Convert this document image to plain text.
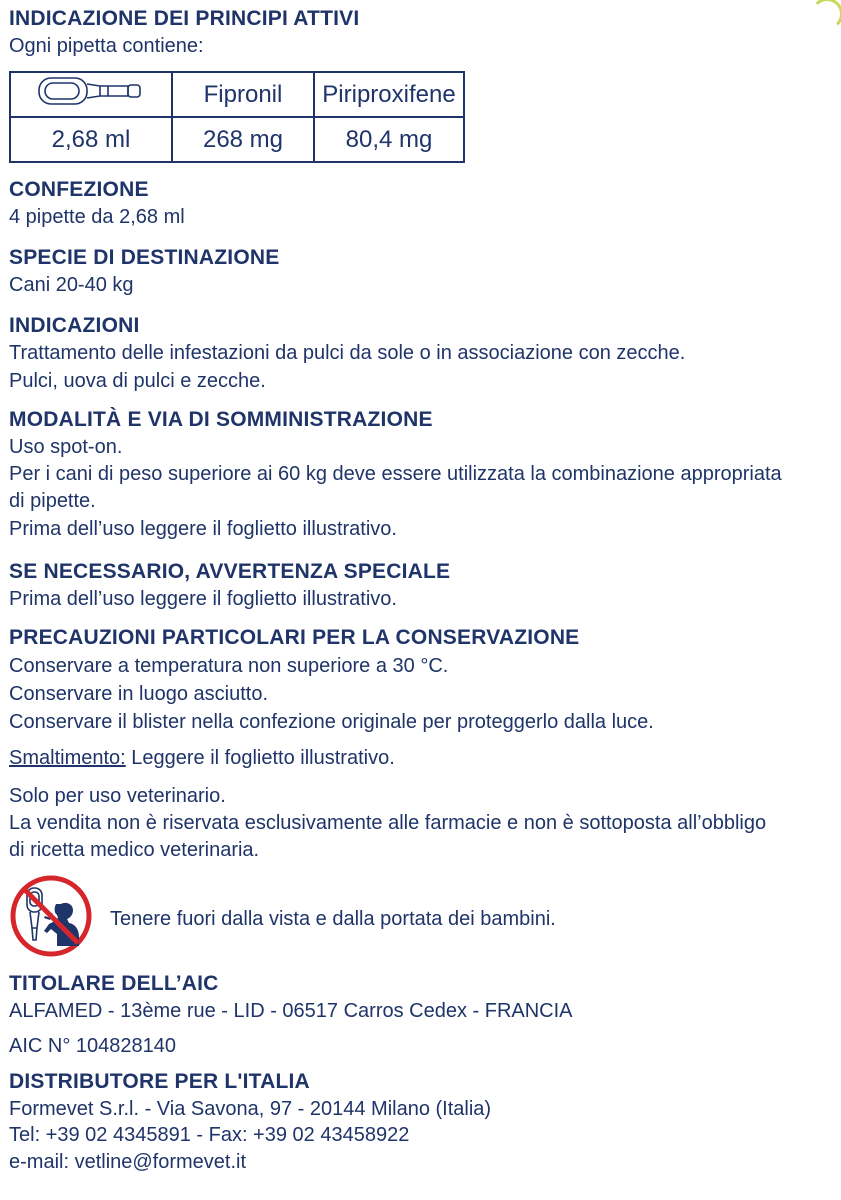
INDICAZIONE DEI PRINCIPI ATTIVI
Ogni pipetta contiene:
	Fipronil	Piriproxifene
2,68 ml	268 mg	80,4 mg
CONFEZIONE
4 pipette da 2,68 ml
SPECIE DI DESTINAZIONE
Cani 20-40 kg
INDICAZIONI
Trattamento delle infestazioni da pulci da sole o in associazione con zecche.
Pulci, uova di pulci e zecche.
MODALITÀ E VIA DI SOMMINISTRAZIONE
Uso spot-on.
Per i cani di peso superiore ai 60 kg deve essere utilizzata la combinazione appropriata
di pipette.
Prima dell’uso leggere il foglietto illustrativo.
SE NECESSARIO, AVVERTENZA SPECIALE
Prima dell’uso leggere il foglietto illustrativo.
PRECAUZIONI PARTICOLARI PER LA CONSERVAZIONE
Conservare a temperatura non superiore a 30 °C.
Conservare in luogo asciutto.
Conservare il blister nella confezione originale per proteggerlo dalla luce.
Smaltimento: Leggere il foglietto illustrativo.
Solo per uso veterinario.
La vendita non è riservata esclusivamente alle farmacie e non è sottoposta all’obbligo
di ricetta medico veterinaria.
Tenere fuori dalla vista e dalla portata dei bambini.
TITOLARE DELL’AIC
ALFAMED - 13ème rue - LID - 06517 Carros Cedex - FRANCIA
AIC N° 104828140
DISTRIBUTORE PER L'ITALIA
Formevet S.r.l. - Via Savona, 97 - 20144 Milano (Italia)
Tel: +39 02 4345891 - Fax: +39 02 43458922
e-mail: vetline@formevet.it
